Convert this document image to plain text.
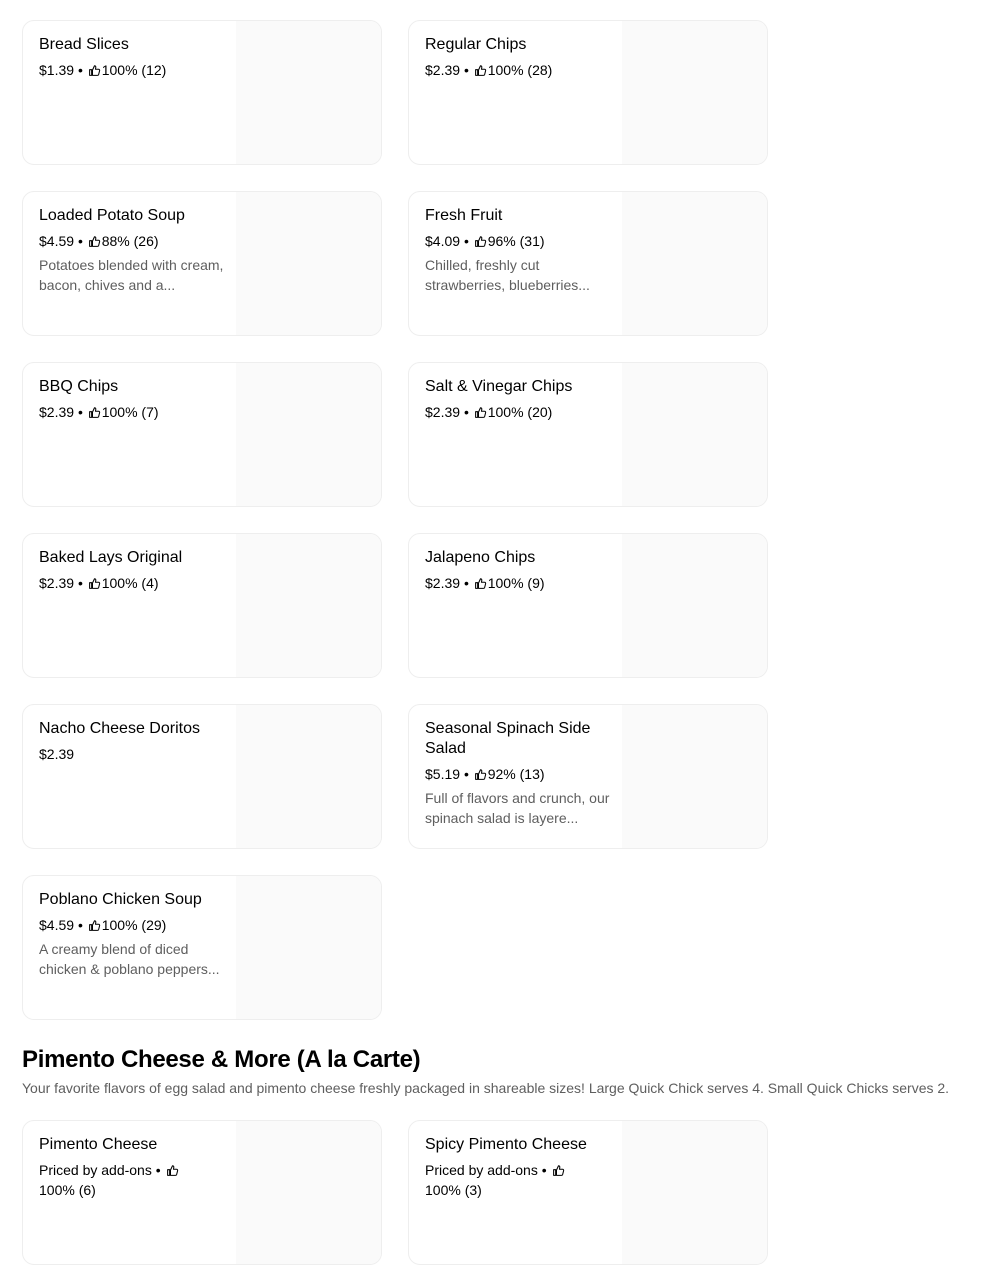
Bread Slices
$1.39 • 100% (12)
Regular Chips
$2.39 • 100% (28)
Loaded Potato Soup
$4.59 • 88% (26)
Potatoes blended with cream, bacon, chives and a...
Fresh Fruit
$4.09 • 96% (31)
Chilled, freshly cut strawberries, blueberries...
BBQ Chips
$2.39 • 100% (7)
Salt & Vinegar Chips
$2.39 • 100% (20)
Baked Lays Original
$2.39 • 100% (4)
Jalapeno Chips
$2.39 • 100% (9)
Nacho Cheese Doritos
$2.39
Seasonal Spinach Side Salad
$5.19 • 92% (13)
Full of flavors and crunch, our spinach salad is layere...
Poblano Chicken Soup
$4.59 • 100% (29)
A creamy blend of diced chicken & poblano peppers...
Pimento Cheese & More (A la Carte)

Your favorite flavors of egg salad and pimento cheese freshly packaged in shareable sizes! Large Quick Chick serves 4. Small Quick Chicks serves 2.

Pimento Cheese
Priced by add-ons •  100% (6)
Spicy Pimento Cheese
Priced by add-ons •  100% (3)
